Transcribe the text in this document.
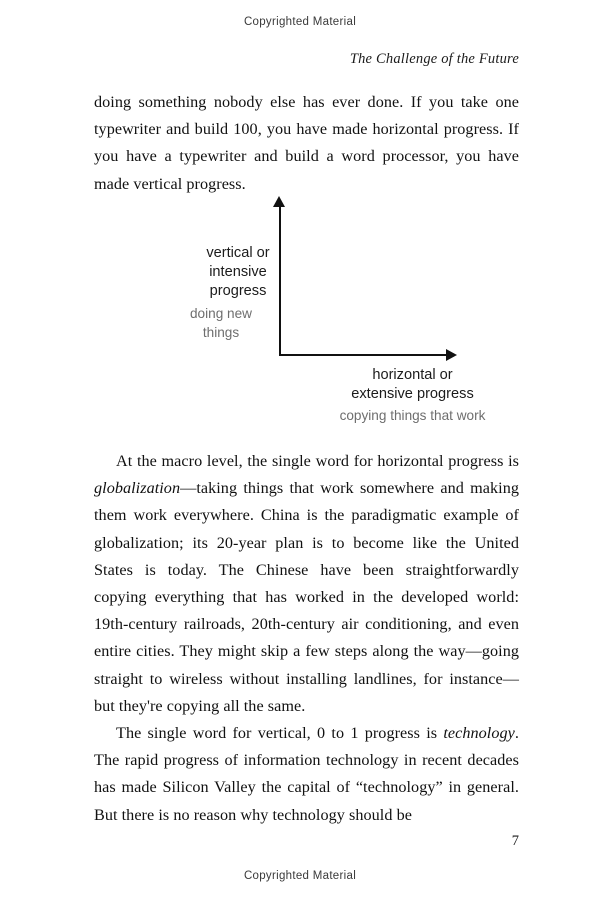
Copyrighted Material
The Challenge of the Future

doing something nobody else has ever done. If you take one typewriter and build 100, you have made horizontal progress. If you have a typewriter and build a word processor, you have made vertical progress.

vertical or
intensive
progress
doing new things
horizontal or
extensive progress
copying things that work

At the macro level, the single word for horizontal progress is globalization—taking things that work somewhere and making them work everywhere. China is the paradigmatic example of globalization; its 20-year plan is to become like the United States is today. The Chinese have been straightforwardly copying everything that has worked in the developed world: 19th-century railroads, 20th-century air conditioning, and even entire cities. They might skip a few steps along the way—going straight to wireless without installing landlines, for instance—but they're copying all the same.

The single word for vertical, 0 to 1 progress is technology. The rapid progress of information technology in recent decades has made Silicon Valley the capital of “technology” in general. But there is no reason why technology should be

7
Copyrighted Material
